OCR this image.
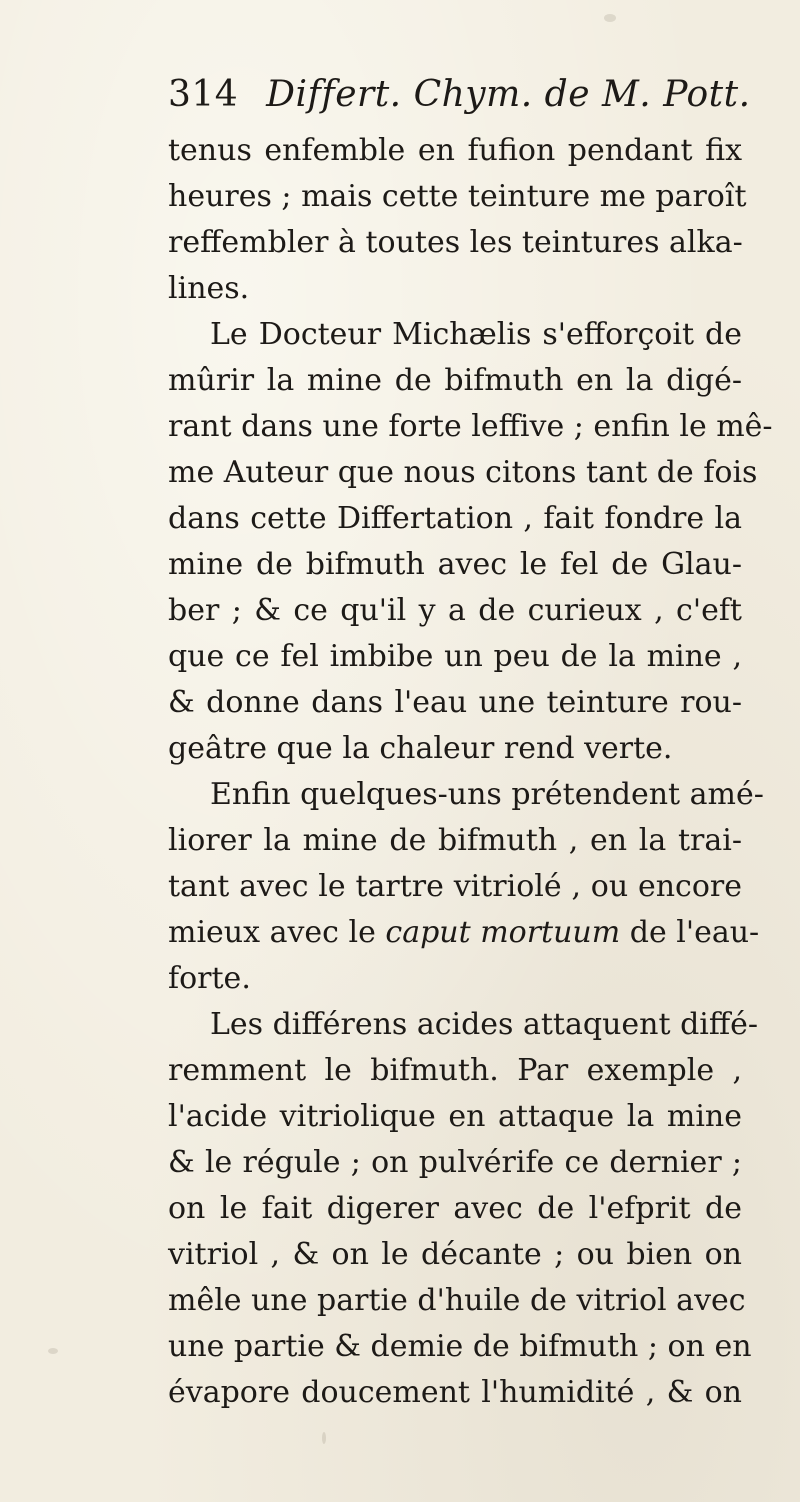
314 Differt. Chym. de M. Pott.
tenus enfemble en fufion pendant fix
heures ; mais cette teinture me paroît
reffembler à toutes les teintures alka-
lines.
Le Docteur Michælis s'efforçoit de
mûrir la mine de bifmuth en la digé-
rant dans une forte leffive ; enfin le mê-
me Auteur que nous citons tant de fois
dans cette Differtation , fait fondre la
mine de bifmuth avec le fel de Glau-
ber ; & ce qu'il y a de curieux , c'eft
que ce fel imbibe un peu de la mine ,
& donne dans l'eau une teinture rou-
geâtre que la chaleur rend verte.
Enfin quelques-uns prétendent amé-
liorer la mine de bifmuth , en la trai-
tant avec le tartre vitriolé , ou encore
mieux avec le caput mortuum de l'eau-
forte.
Les différens acides attaquent diffé-
remment le bifmuth. Par exemple ,
l'acide vitriolique en attaque la mine
& le régule ; on pulvérife ce dernier ;
on le fait digerer avec de l'efprit de
vitriol , & on le décante ; ou bien on
mêle une partie d'huile de vitriol avec
une partie & demie de bifmuth ; on en
évapore doucement l'humidité , & on
